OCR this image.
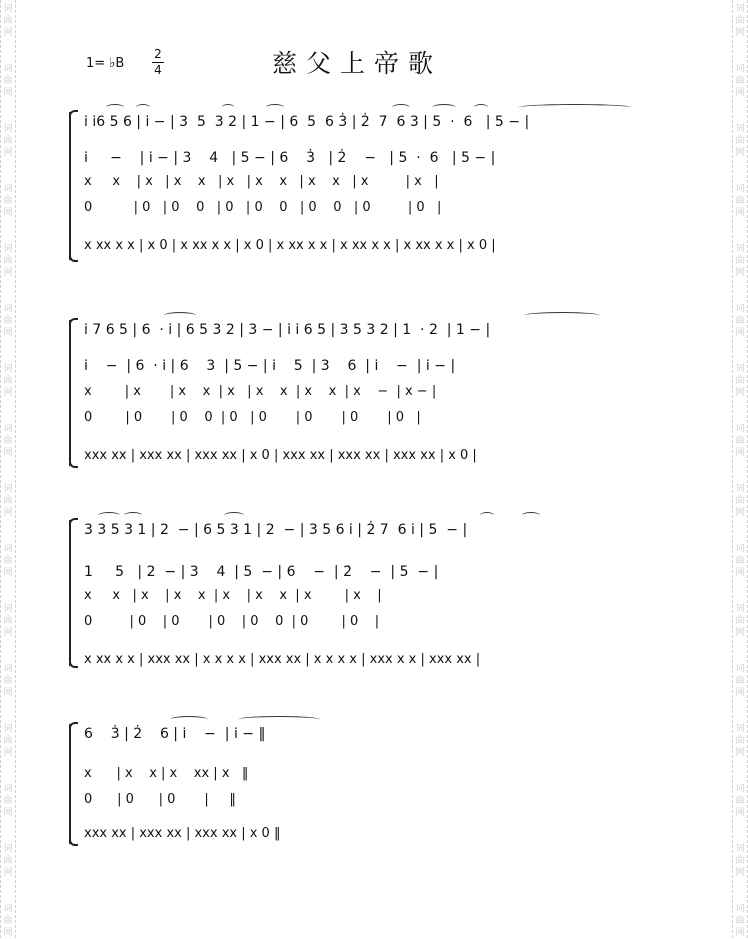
词
曲
网
词
曲
网
词
曲
网
词
曲
网
词
曲
网
词
曲
网
词
曲
网
词
曲
网
词
曲
网
词
曲
网
词
曲
网
词
曲
网
词
曲
网
词
曲
网
词
曲
网
词
曲
网
词
曲
网
词
曲
网
词
曲
网
词
曲
网
词
曲
网
词
曲
网
词
曲
网
词
曲
网
词
曲
网
词
曲
网
词
曲
网
词
曲
网
词
曲
网
词
曲
网
词
曲
网
词
曲
网
1= ♭B
2
4	慈父上帝歌
i̇ i̇6 5 6 | i̇ − | 3  5  3 2 | 1 − | 6  5  6 3̇ | 2̇  7  6 3 | 5  ·  6   | 5 − |
i̇     −    | i̇ − | 3    4   | 5 − | 6    3̇   | 2̇    −   | 5  ·  6   | 5 − |
x     x    | x   | x    x   | x   | x    x   | x    x   | x         | x   |
0          | 0   | 0    0   | 0   | 0    0   | 0    0   | 0         | 0   |
x xx x x | x 0 | x xx x x | x 0 | x xx x x | x xx x x | x xx x x | x 0 |
i̇ 7 6 5 | 6  · i̇ | 6 5 3 2 | 3 − | i̇ i̇ 6 5 | 3 5 3 2 | 1  · 2  | 1 − |
i̇    −  | 6  · i̇ | 6    3  | 5 − | i̇    5  | 3    6  | i̇    −  | i̇ − |
x        | x       | x    x  | x   | x    x  | x    x  | x    −  | x − |
0        | 0       | 0    0  | 0   | 0       | 0       | 0       | 0   |
xxx xx | xxx xx | xxx xx | x 0 | xxx xx | xxx xx | xxx xx | x 0 |
3 3 5 3 1 | 2  − | 6 5 3 1 | 2  − | 3 5 6 i̇ | 2̇ 7  6 i̇ | 5  − |
1     5   | 2  − | 3    4  | 5  − | 6    −  | 2̇    −  | 5  − |
x     x   | x    | x    x  | x    | x    x  | x        | x    |
0         | 0    | 0       | 0    | 0    0  | 0        | 0    |
x xx x x | xxx xx | x x x x | xxx xx | x x x x | xxx x x | xxx xx |
6    3̇ | 2̇    6 | i̇    −  | i̇ − ‖
x      | x    x | x    xx | x   ‖
0      | 0      | 0       |     ‖
xxx xx | xxx xx | xxx xx | x 0 ‖
